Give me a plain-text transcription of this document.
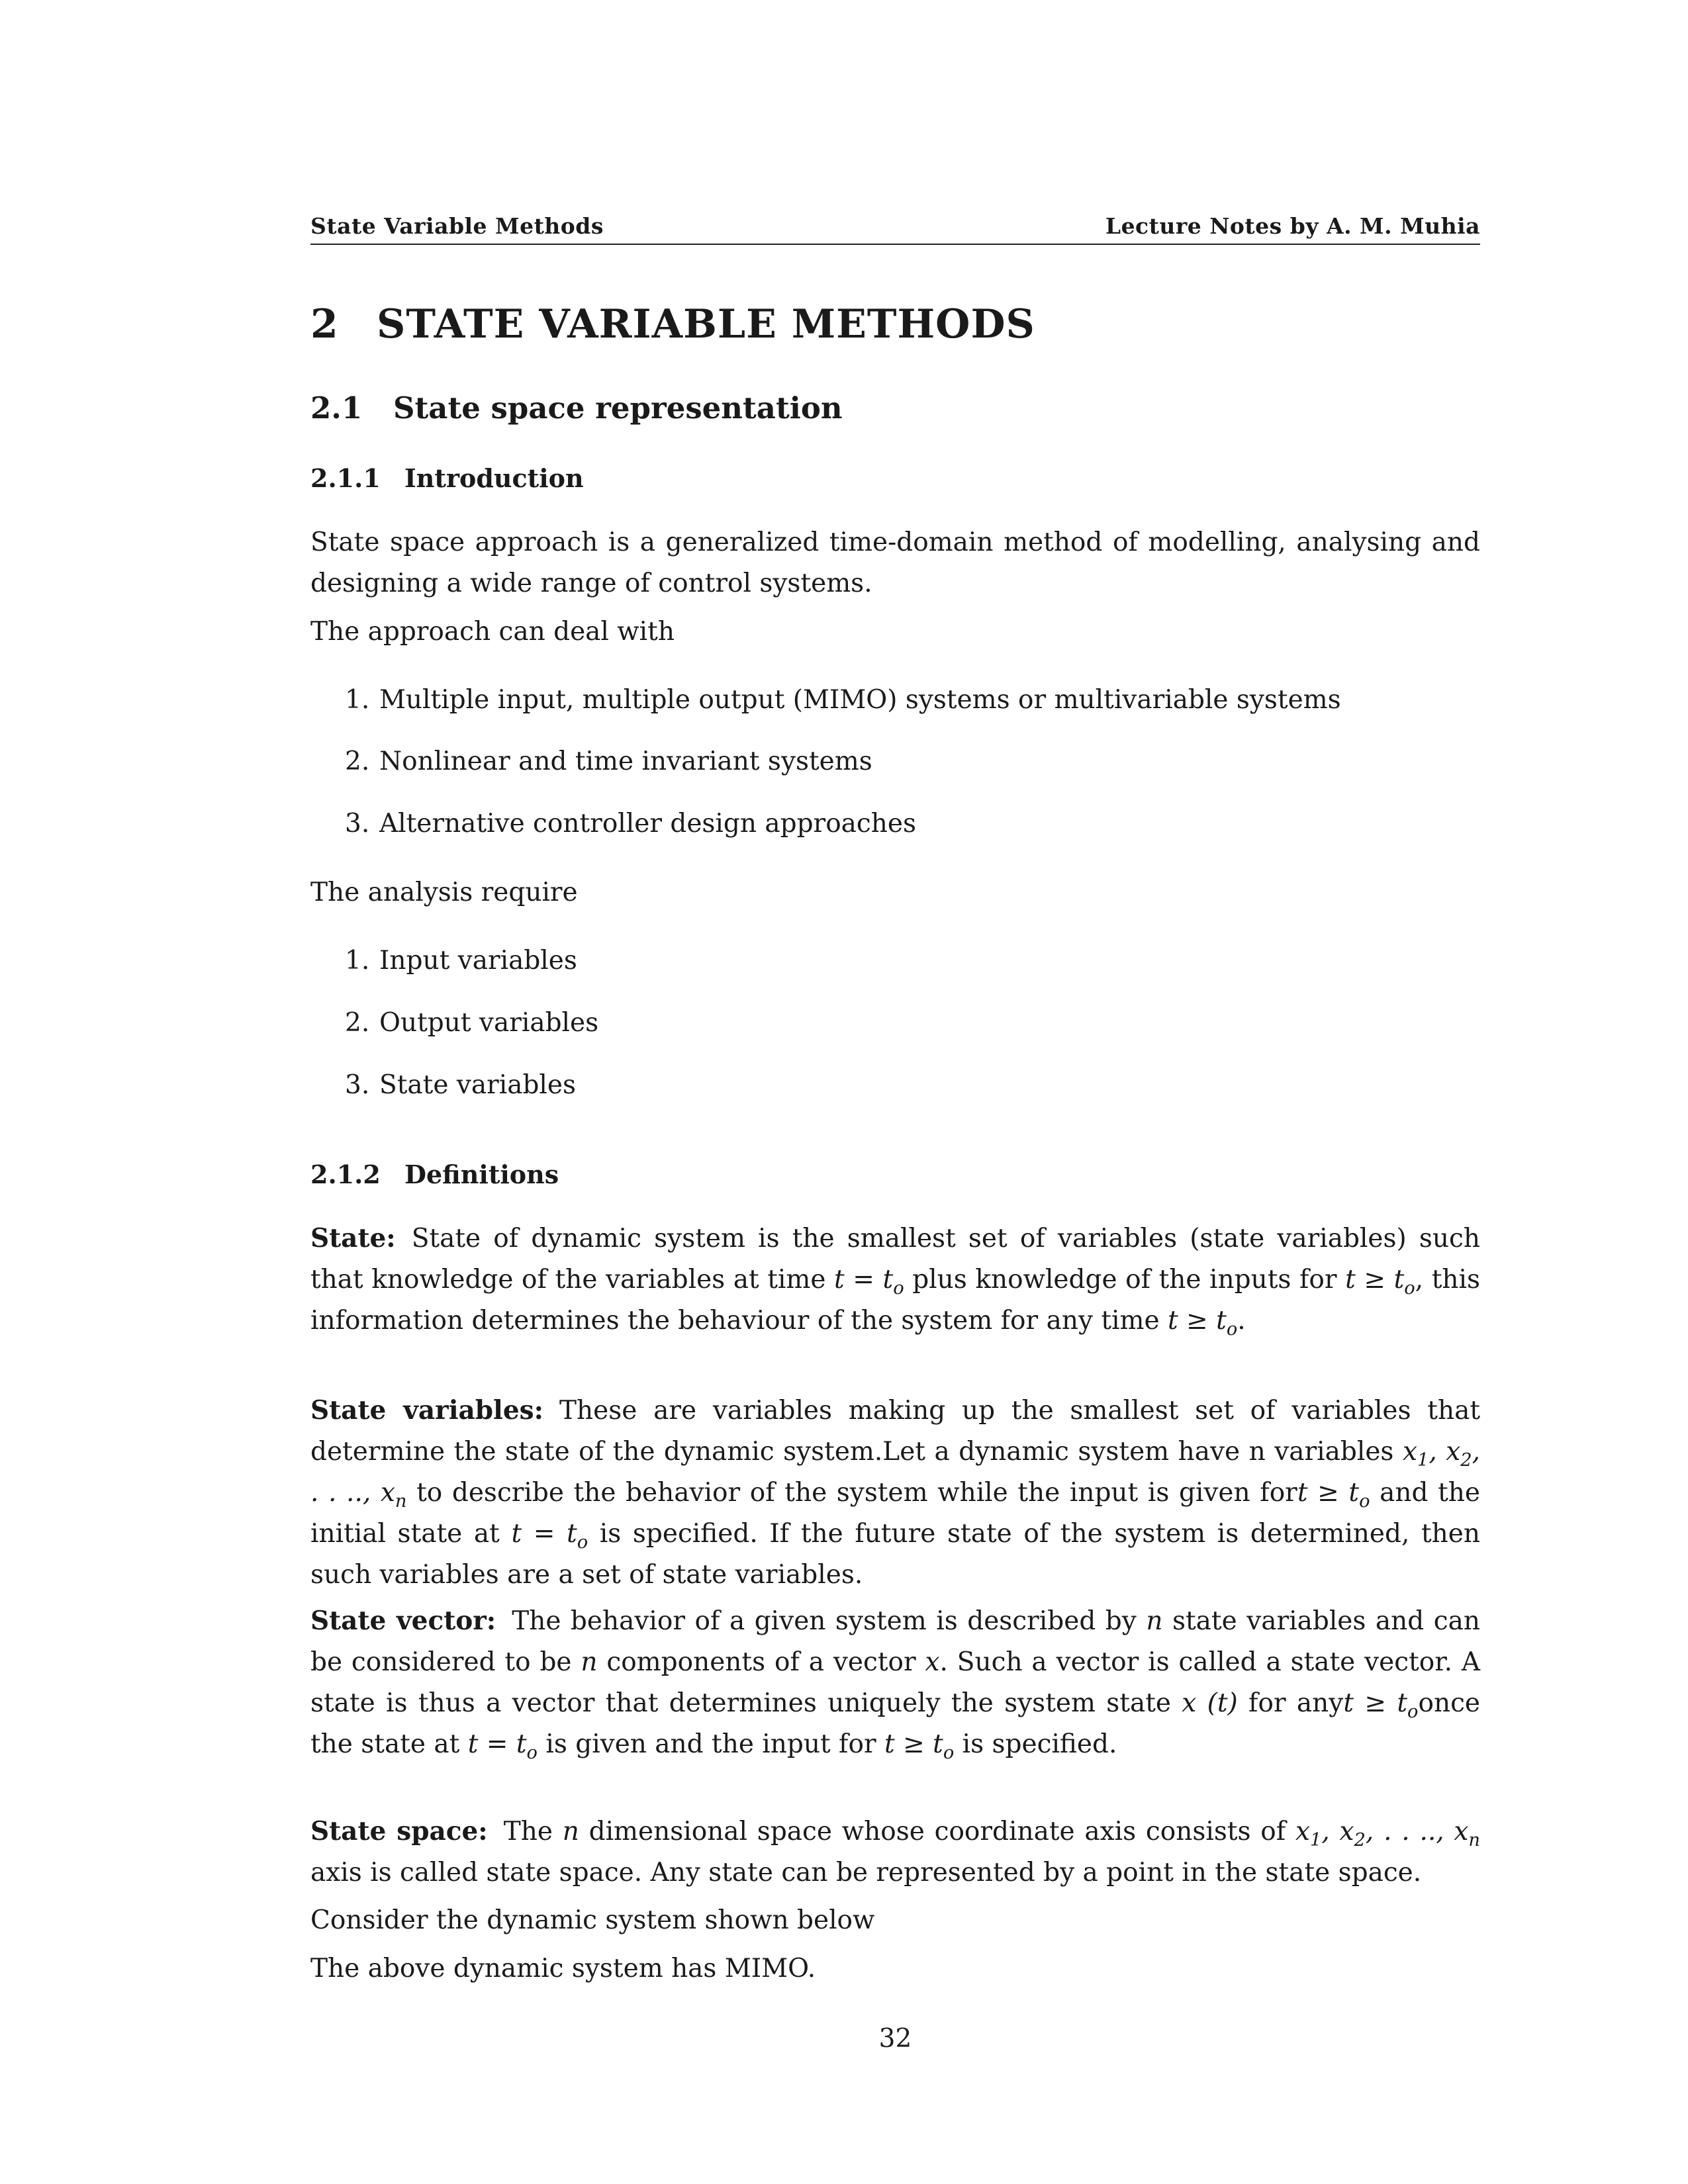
State Variable Methods	Lecture Notes by A. M. Muhia
2 STATE VARIABLE METHODS
2.1 State space representation
2.1.1 Introduction

State space approach is a generalized time-domain method of modelling, analysing and designing a wide range of control systems.

The approach can deal with

1. Multiple input, multiple output (MIMO) systems or multivariable systems

2. Nonlinear and time invariant systems

3. Alternative controller design approaches

The analysis require

1. Input variables

2. Output variables

3. State variables

2.1.2 Definitions

State: State of dynamic system is the smallest set of variables (state variables) such that knowledge of the variables at time $t = t_o$ plus knowledge of the inputs for $t \ge t_o$, this information determines the behaviour of the system for any time $t \ge t_o$.

State variables: These are variables making up the smallest set of variables that determine the state of the dynamic system.Let a dynamic system have n variables $x_1$, $x_2$, . . .., $x_n$ to describe the behavior of the system while the input is given fort ≥ $t_o$ and the initial state at $t = t_o$ is specified. If the future state of the system is determined, then such variables are a set of state variables.

State vector: The behavior of a given system is described by n state variables and can be considered to be n components of a vector x. Such a vector is called a state vector. A state is thus a vector that determines uniquely the system state x (t) for anyt ≥ $t_oonce$ the state at $t = t_o$ is given and the input for $t \ge t_o$ is specified.

State space: The n dimensional space whose coordinate axis consists of $x_1$, $x_2$, . . .., $x_n$ axis is called state space. Any state can be represented by a point in the state space.

Consider the dynamic system shown below

The above dynamic system has MIMO.

32
